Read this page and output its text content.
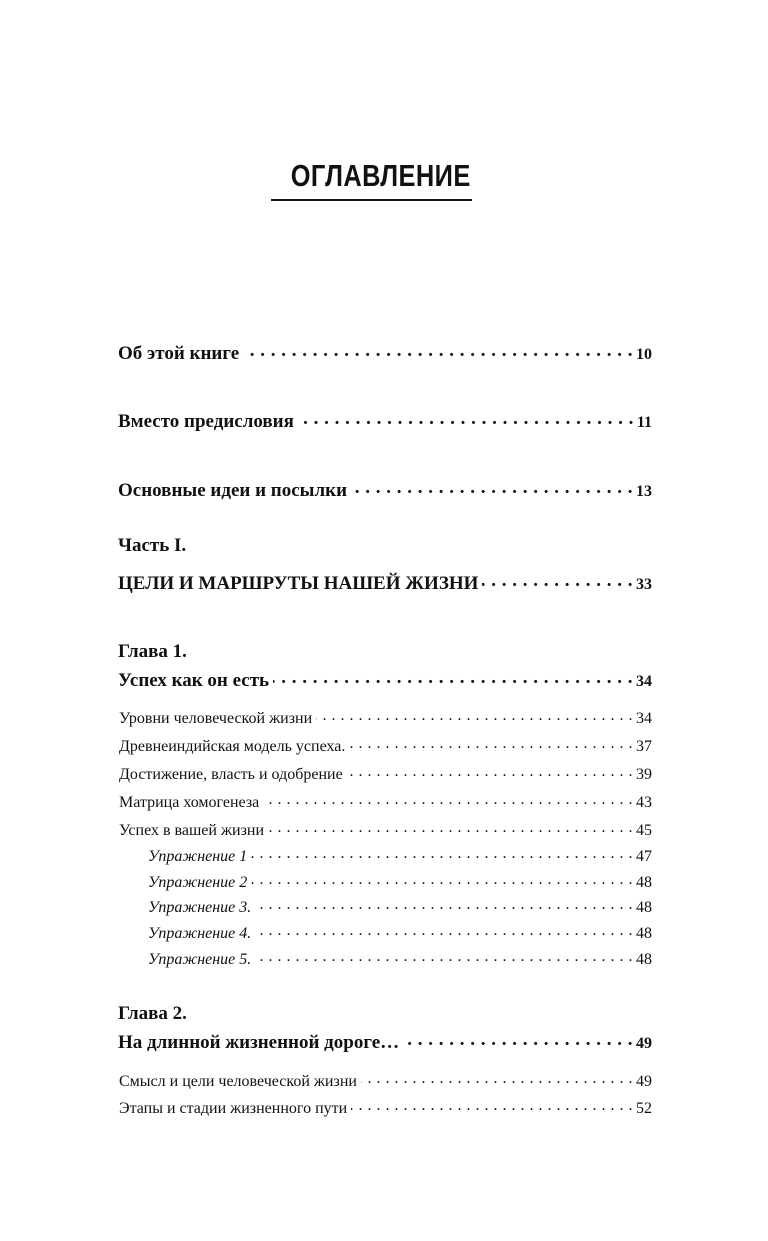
ОГЛАВЛЕНИЕ
Об этой книге . . .	10
Вместо предисловия . . .	11
Основные идеи и посылки . . .	13
Часть I.
ЦЕЛИ И МАРШРУТЫ НАШЕЙ ЖИЗНИ . . .	33
Глава 1.
Успех как он есть . . .	34
Уровни человеческой жизни . . .	34
Древнеиндийская модель успеха. . . .	37
Достижение, власть и одобрение . . .	39
Матрица хомогенеза . . .	43
Успех в вашей жизни . . .	45
Упражнение 1 . . .	47
Упражнение 2 . . .	48
Упражнение 3. . . .	48
Упражнение 4. . . .	48
Упражнение 5. . . .	48
Глава 2.
На длинной жизненной дороге… . . .	49
Смысл и цели человеческой жизни . . .	49
Этапы и стадии жизненного пути . . .	52
